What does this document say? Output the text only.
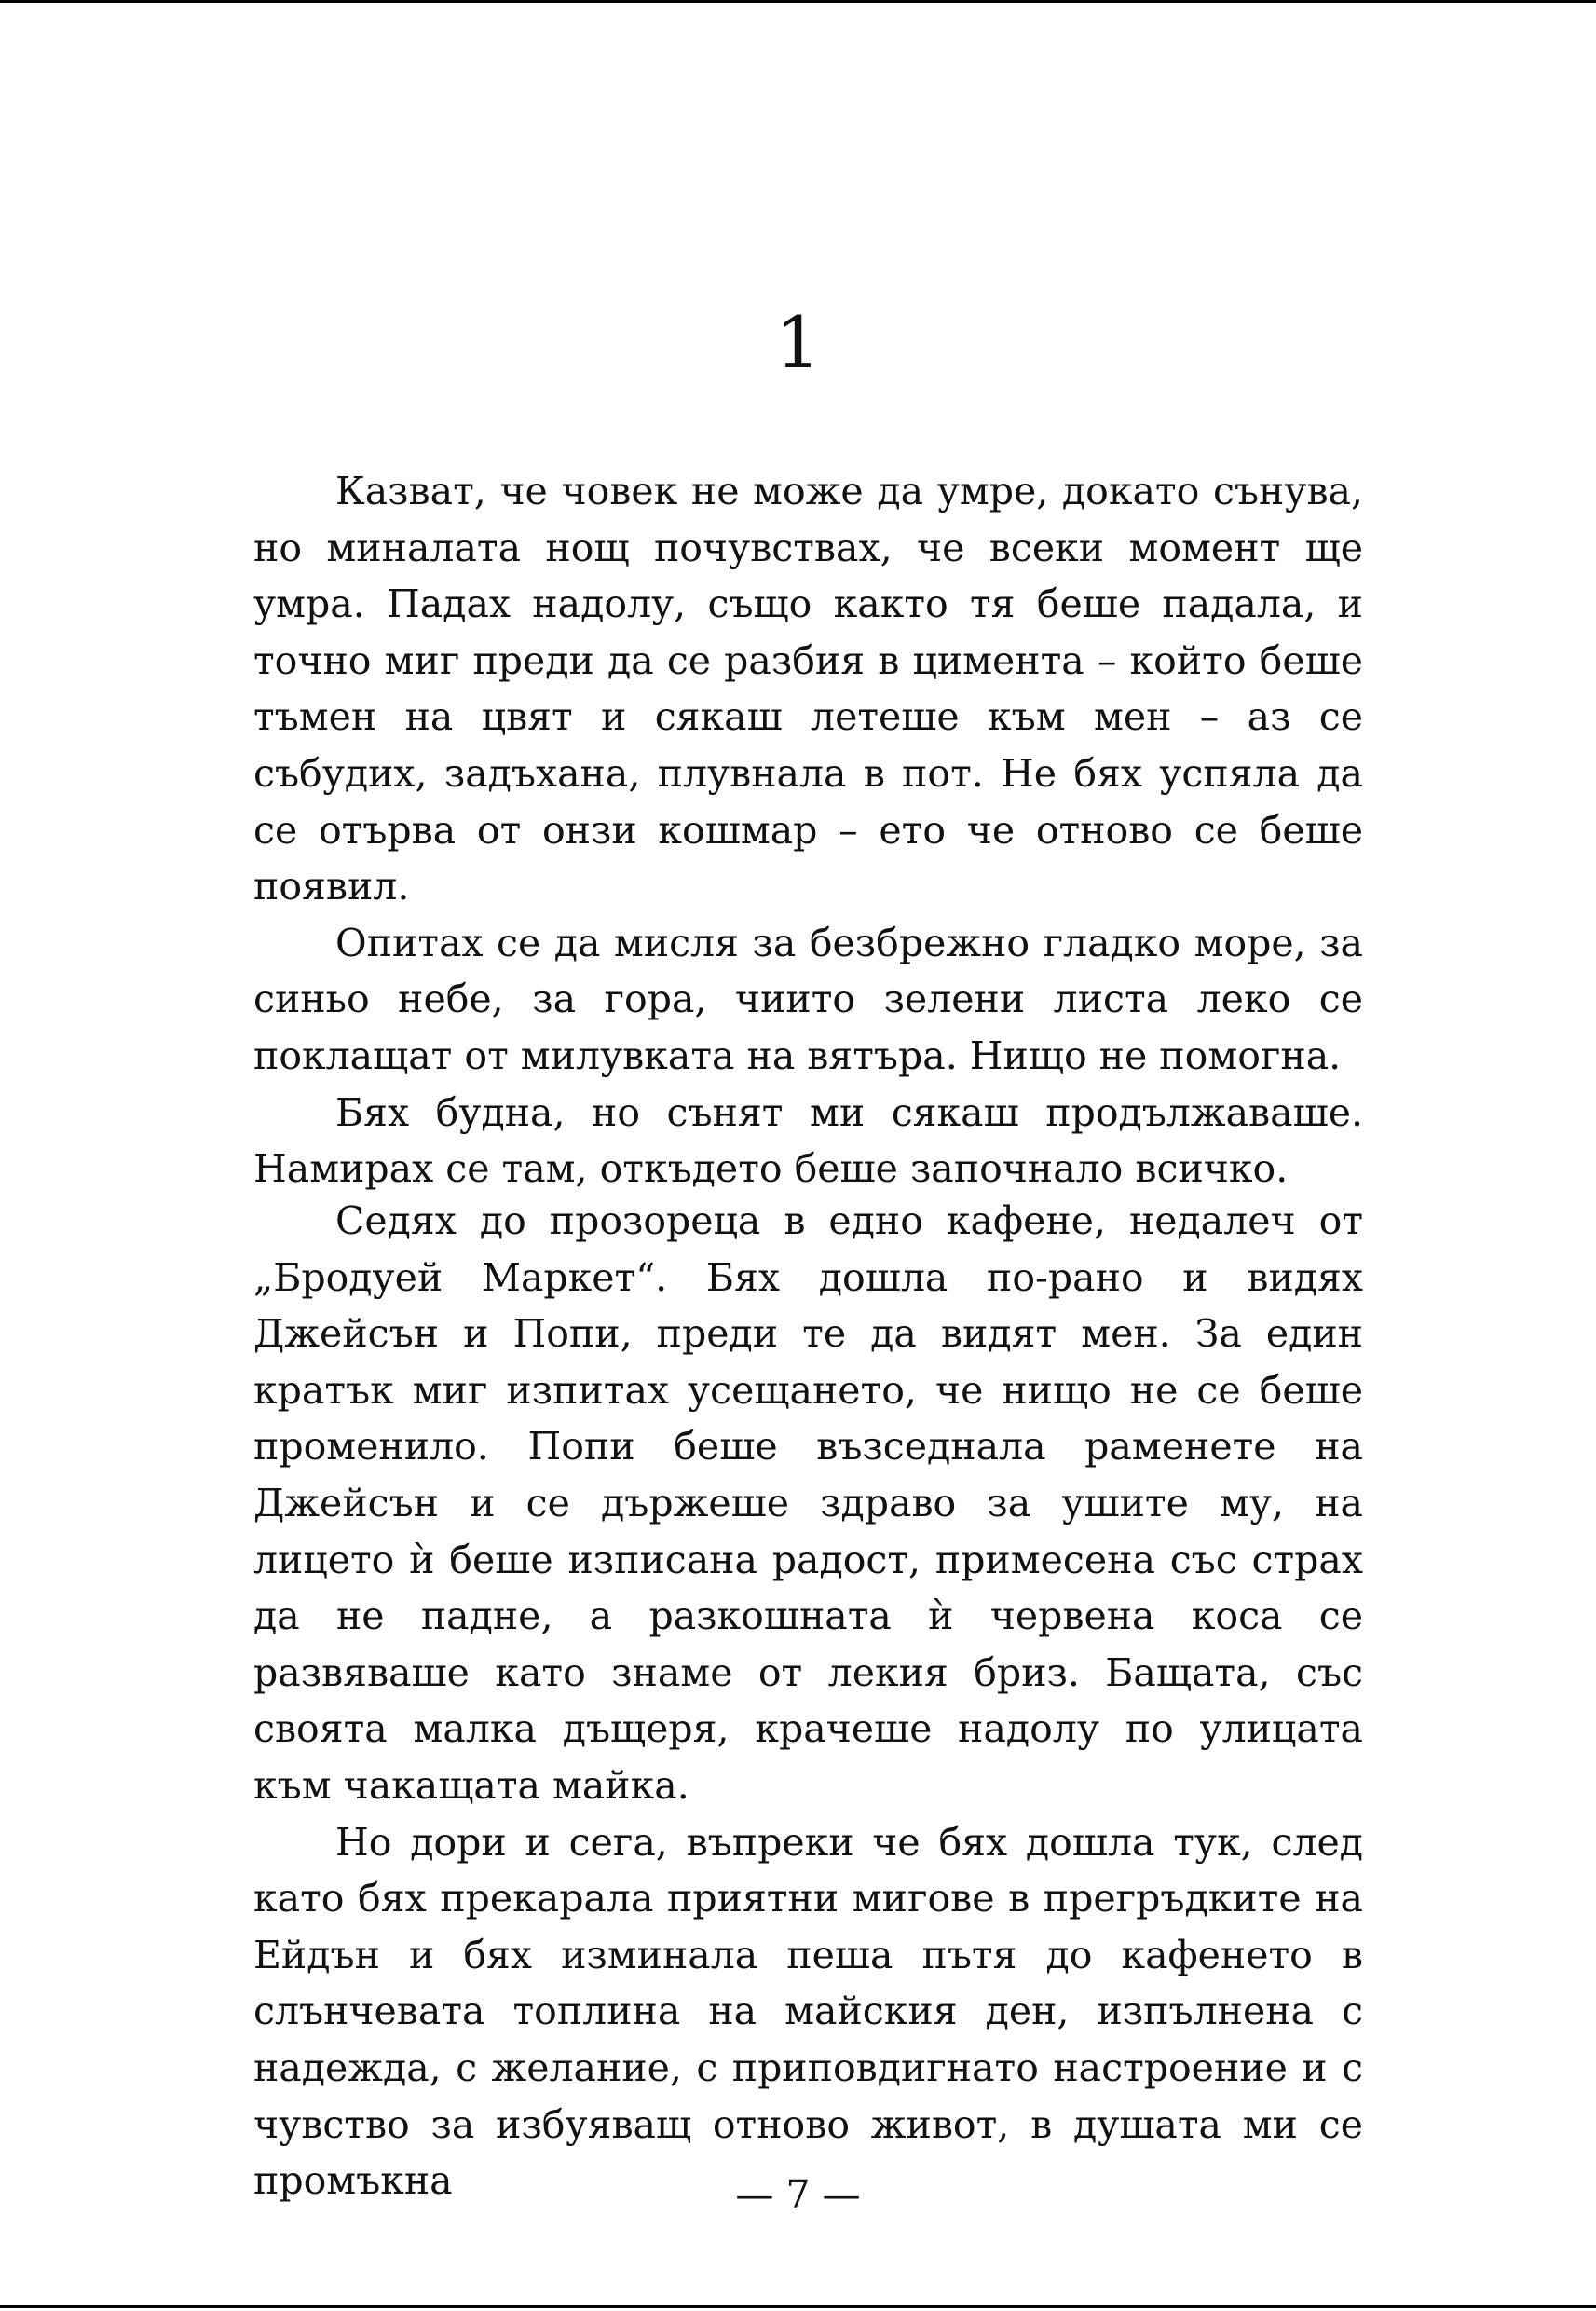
1

Казват, че човек не може да умре, докато сънува, но миналата нощ почувствах, че всеки момент ще умра. Падах надолу, също както тя беше падала, и точно миг преди да се разбия в цимента – който беше тъмен на цвят и сякаш летеше към мен – аз се събудих, задъхана, плувнала в пот. Не бях успяла да се отърва от онзи кошмар – ето че отново се беше появил.

Опитах се да мисля за безбрежно гладко море, за синьо небе, за гора, чиито зелени листа леко се поклащат от милувката на вятъра. Нищо не помогна.

Бях будна, но сънят ми сякаш продължаваше. Намирах се там, откъдето беше започнало всичко.

Седях до прозореца в едно кафене, недалеч от „Бродуей Маркет“. Бях дошла по-рано и видях Джейсън и Попи, преди те да видят мен. За един кратък миг изпитах усещането, че нищо не се беше променило. Попи беше възседнала раменете на Джейсън и се държеше здраво за ушите му, на лицето ѝ беше изписана радост, примесена със страх да не падне, а разкошната ѝ червена коса се развяваше като знаме от лекия бриз. Бащата, със своята малка дъщеря, крачеше надолу по улицата към чакащата майка.

Но дори и сега, въпреки че бях дошла тук, след като бях прекарала приятни мигове в прегръдките на Ейдън и бях изминала пеша пътя до кафенето в слънчевата топлина на майския ден, изпълнена с надежда, с желание, с приповдигнато настроение и с чувство за избуяващ отново живот, в душата ми се промъкна	— 7 —
